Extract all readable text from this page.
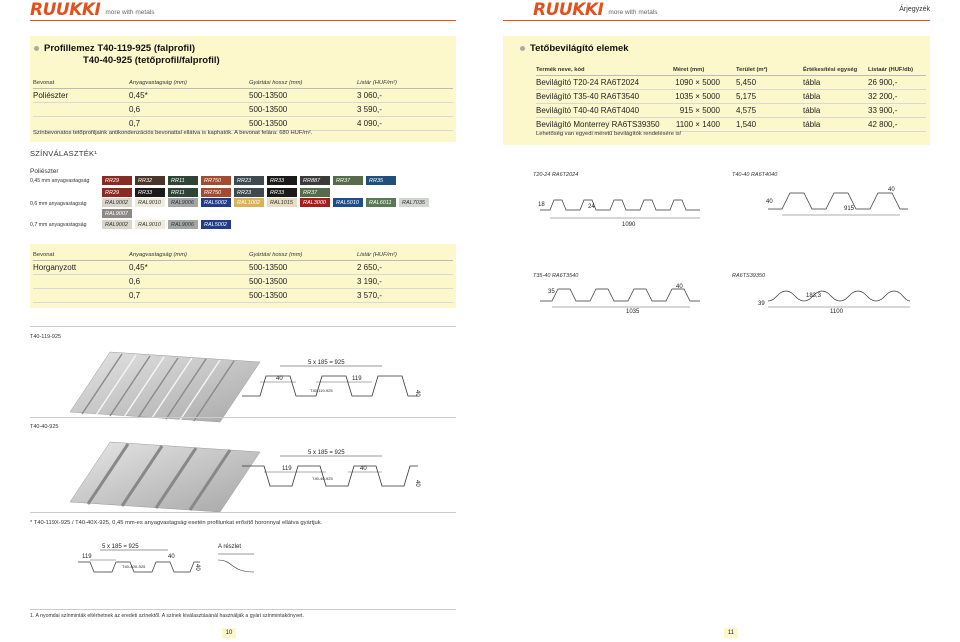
RUUKKI more with metals	RUUKKI more with metals	Árjegyzék
Profillemez T40-119-925 (falprofil)
T40-40-925 (tetőprofil/falprofil)
Bevonat	Anyagvastagság (mm)	Gyártási hossz (mm)	Listár (HUF/m²)
Poliészter	0,45*	500-13500	3 060,-
	0,6	500-13500	3 590,-
	0,7	500-13500	4 090,-
Színbevonatos tetőprofiljaink antikondenzációs bevonattal ellátva is kaphatók. A bevonat felára: 680 HUF/m².
SZÍNVÁLASZTÉK¹
Poliészter
0,45 mm anyagvastagság	RR29	RR32	RR11	RR750	RR23	RR33	RR887	RR37	RR35
RR29	RR33	RR11	RR750	RR23	RR33	RR37
0,6 mm anyagvastagság	RAL9002	RAL9010	RAL9006	RAL5002	RAL1002	RAL1015	RAL3000	RAL5010	RAL6011	RAL7035
RAL9007
0,7 mm anyagvastagság	RAL9002	RAL9010	RAL9006	RAL5002
Bevonat	Anyagvastagság (mm)	Gyártási hossz (mm)	Listár (HUF/m²)
Horganyzott	0,45*	500-13500	2 650,-
	0,6	500-13500	3 190,-
	0,7	500-13500	3 570,-
T40-119-925
5 x 185 = 925
40	119
T40-119-925	40
T40-40-925
5 x 185 = 925
119	40
T40-40-925
40
* T40-119X-925 / T40-40X-925, 0,45 mm-es anyagvastagság esetén profilunkat erősítő horonnyal ellátva gyártjuk.
5 x 185 = 925
119	40
T40-40X-925	40
A részlet
1. A nyomdai színminták eltérhetnek az eredeti színektől. A színek kiválasztásánál használják a gyári színmintakönyvet.
10	11
Tetőbevilágító elemek
Termék neve, kód	Méret (mm)	Terület (m²)	Értékesítési egység	Listaár (HUF/db)
Bevilágító T20-24 RA6T2024	1090 × 5000	5,450	tábla	26 900,-
Bevilágító T35-40 RA6T3540	1035 × 5000	5,175	tábla	32 200,-
Bevilágító T40-40 RA6T4040	915 × 5000	4,575	tábla	33 900,-
Bevilágító Monterrey RA6TS39350	1100 × 1400	1,540	tábla	42 800,-
Lehetőség van egyedi méretű bevilágítók rendelésére is!
T20-24 RA6T2024
18	24
1090
T40-40 RA6T4040
40
40
915
T35-40 RA6T3540
35
40
1035
RA6TS39350
39
183,3
1100
